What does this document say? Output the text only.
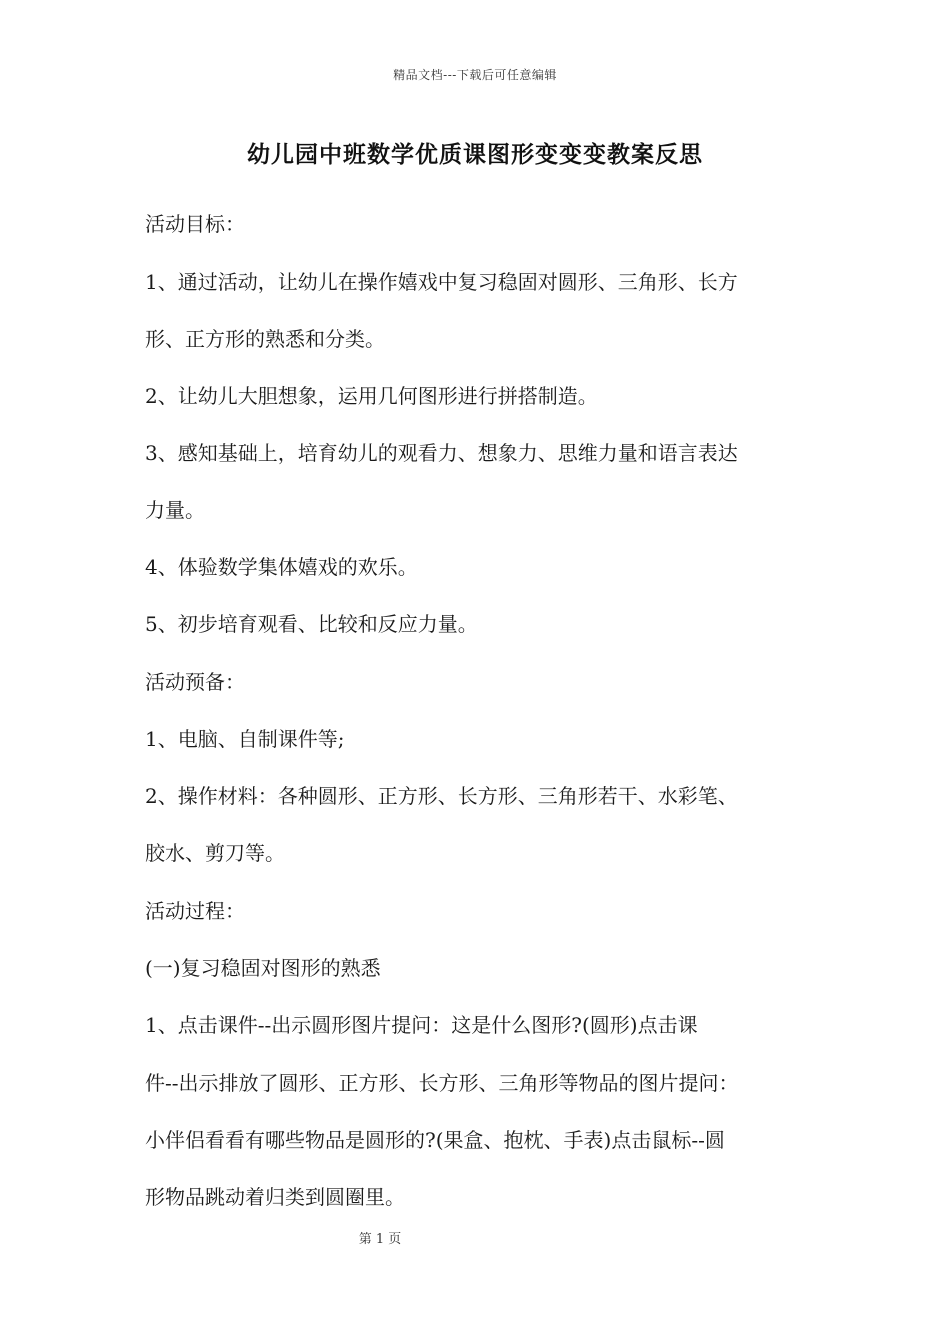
精品文档---下载后可任意编辑
幼儿园中班数学优质课图形变变变教案反思
活动目标：
1、通过活动，让幼儿在操作嬉戏中复习稳固对圆形、三角形、长方
形、正方形的熟悉和分类。
2、让幼儿大胆想象，运用几何图形进行拼搭制造。
3、感知基础上，培育幼儿的观看力、想象力、思维力量和语言表达
力量。
4、体验数学集体嬉戏的欢乐。
5、初步培育观看、比较和反应力量。
活动预备：
1、电脑、自制课件等;
2、操作材料：各种圆形、正方形、长方形、三角形若干、水彩笔、
胶水、剪刀等。
活动过程：
(一)复习稳固对图形的熟悉
1、点击课件--出示圆形图片提问：这是什么图形?(圆形)点击课
件--出示排放了圆形、正方形、长方形、三角形等物品的图片提问：
小伴侣看看有哪些物品是圆形的?(果盒、抱枕、手表)点击鼠标--圆
形物品跳动着归类到圆圈里。
第 1 页
